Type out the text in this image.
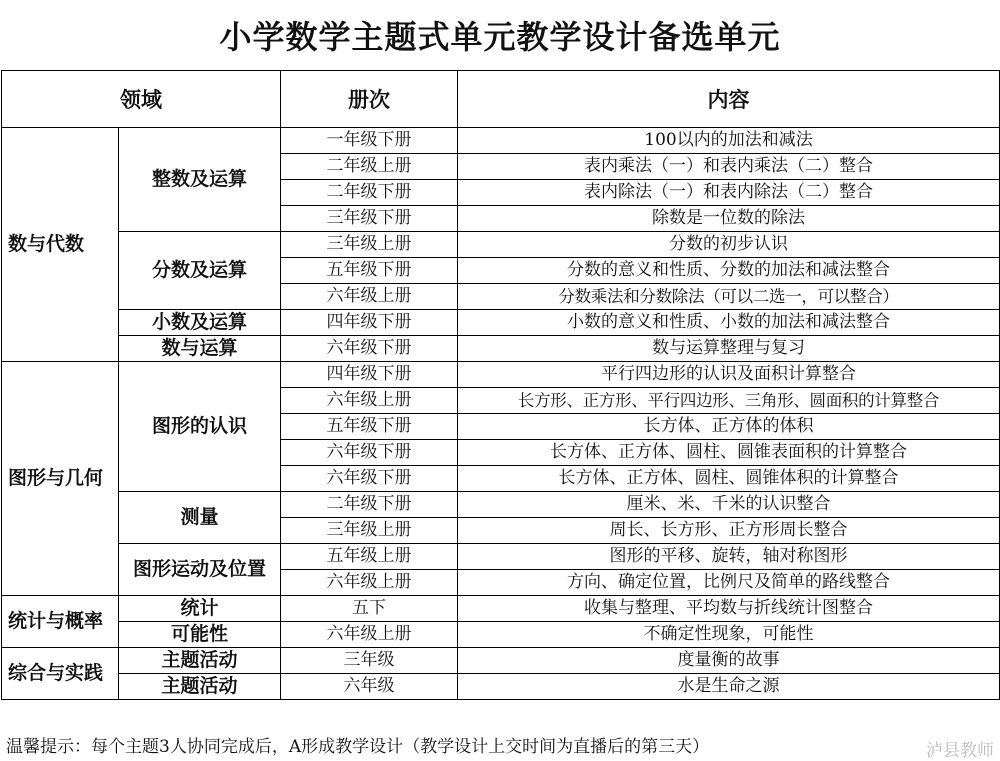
小学数学主题式单元教学设计备选单元
领域		册次	内容
数与代数	整数及运算	一年级下册	100以内的加法和减法
		二年级上册	表内乘法（一）和表内乘法（二）整合
		二年级下册	表内除法（一）和表内除法（二）整合
		三年级下册	除数是一位数的除法
	分数及运算	三年级上册	分数的初步认识
		五年级下册	分数的意义和性质、分数的加法和减法整合
		六年级上册	分数乘法和分数除法（可以二选一，可以整合）
	小数及运算	四年级下册	小数的意义和性质、小数的加法和减法整合
	数与运算	六年级下册	数与运算整理与复习
图形与几何	图形的认识	四年级下册	平行四边形的认识及面积计算整合
		六年级上册	长方形、正方形、平行四边形、三角形、圆面积的计算整合
		五年级下册	长方体、正方体的体积
		六年级下册	长方体、正方体、圆柱、圆锥表面积的计算整合
		六年级下册	长方体、正方体、圆柱、圆锥体积的计算整合
	测量	二年级下册	厘米、米、千米的认识整合
		三年级上册	周长、长方形、正方形周长整合
	图形运动及位置	五年级上册	图形的平移、旋转，轴对称图形
		六年级上册	方向、确定位置，比例尺及简单的路线整合
统计与概率	统计	五下	收集与整理、平均数与折线统计图整合
	可能性	六年级上册	不确定性现象，可能性
综合与实践	主题活动	三年级	度量衡的故事
	主题活动	六年级	水是生命之源
温馨提示：每个主题3人协同完成后，A形成教学设计（教学设计上交时间为直播后的第三天）	泸县教师
